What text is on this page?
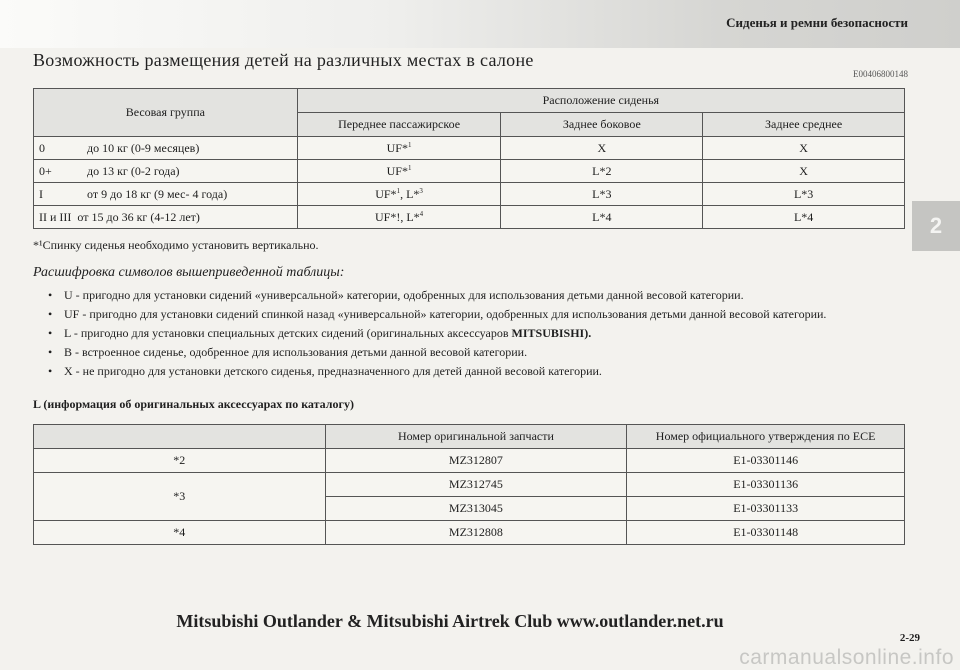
Сиденья и ремни безопасности
Возможность размещения детей на различных местах в салоне
E00406800148
2
Весовая группа	Расположение сиденья		
	Переднее пассажирское	Заднее боковое	Заднее среднее
0 до 10 кг (0-9 месяцев)	UF*$^1$	X	X
0+ до 13 кг (0-2 года)	UF*$^1$	L*2	X
I от 9 до 18 кг (9 мес- 4 года)	UF*$^1$, L*$^3$	L*3	L*3
II и III от 15 до 36 кг (4-12 лет)	UF*!, L*$^4$	L*4	L*4
*¹Спинку сиденья необходимо установить вертикально.
Расшифровка символов вышеприведенной таблицы:
• U - пригодно для установки сидений «универсальной» категории, одобренных для использования детьми данной весовой категории.
• UF - пригодно для установки сидений спинкой назад «универсальной» категории, одобренных для использования детьми данной весовой категории.
• L - пригодно для установки специальных детских сидений (оригинальных аксессуаров MITSUBISHI).
• B - встроенное сиденье, одобренное для использования детьми данной весовой категории.
• X - не пригодно для установки детского сиденья, предназначенного для детей данной весовой категории.
L (информация об оригинальных аксессуарах по каталогу)
	Номер оригинальной запчасти	Номер официального утверждения по ECE
*2	MZ312807	E1-03301146
*3	MZ312745	E1-03301136
	MZ313045	E1-03301133
*4	MZ312808	E1-03301148
Mitsubishi Outlander & Mitsubishi Airtrek Club www.outlander.net.ru
2-29
carmanualsonline.info
